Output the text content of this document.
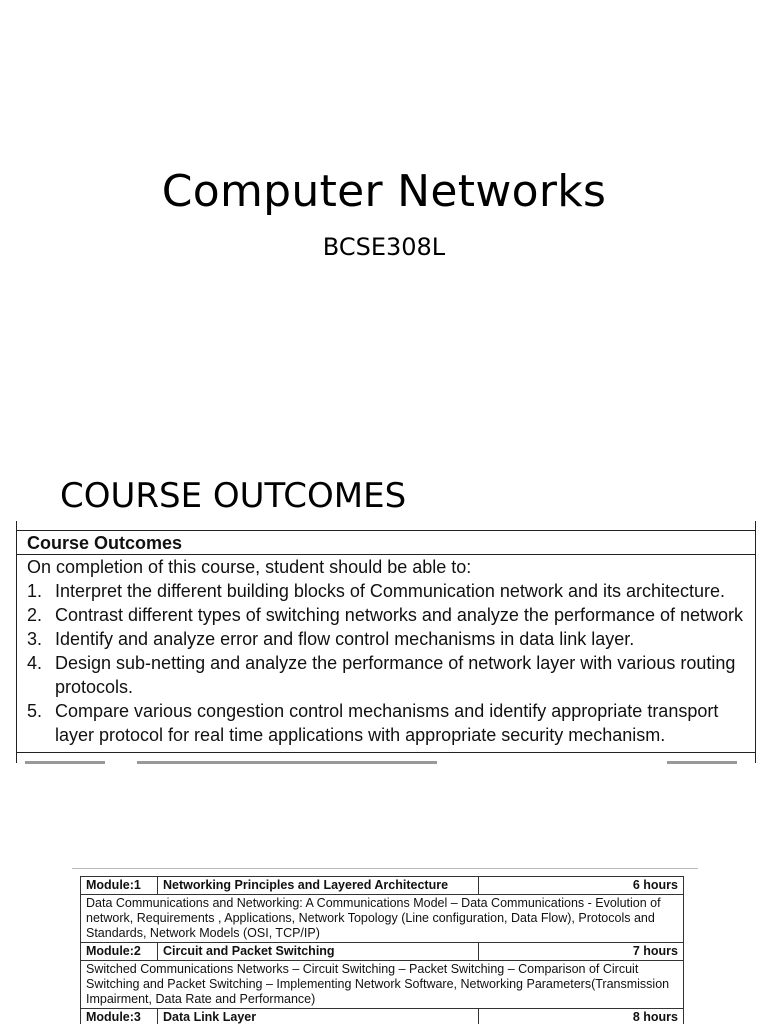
Computer Networks
BCSE308L
COURSE OUTCOMES
Course Outcomes
On completion of this course, student should be able to:
1. Interpret the different building blocks of Communication network and its architecture.
2. Contrast different types of switching networks and analyze the performance of network
3. Identify and analyze error and flow control mechanisms in data link layer.
4. Design sub-netting and analyze the performance of network layer with various routing protocols.
5. Compare various congestion control mechanisms and identify appropriate transport layer protocol for real time applications with appropriate security mechanism.
Module:1	Networking Principles and Layered Architecture	6 hours
Data Communications and Networking: A Communications Model – Data Communications - Evolution of network, Requirements , Applications, Network Topology (Line configuration, Data Flow), Protocols and Standards, Network Models (OSI, TCP/IP)		
Module:2	Circuit and Packet Switching	7 hours
Switched Communications Networks – Circuit Switching – Packet Switching – Comparison of Circuit Switching and Packet Switching – Implementing Network Software, Networking Parameters(Transmission Impairment, Data Rate and Performance)		
Module:3	Data Link Layer	8 hours
